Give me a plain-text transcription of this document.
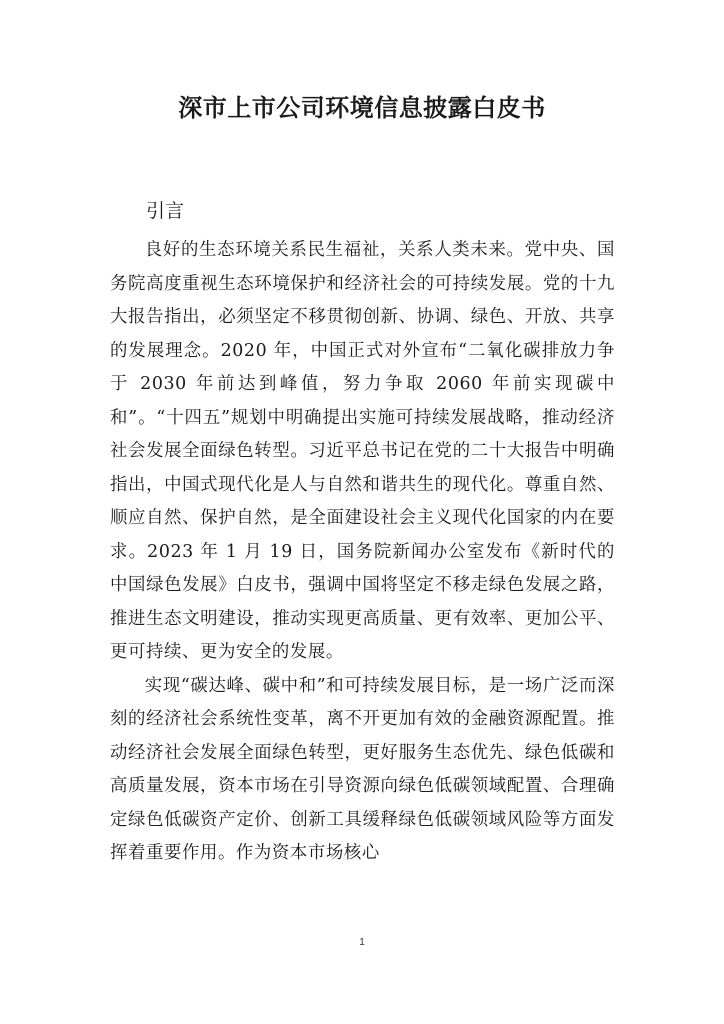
深市上市公司环境信息披露白皮书
引言

良好的生态环境关系民生福祉，关系人类未来。党中央、国务院高度重视生态环境保护和经济社会的可持续发展。党的十九大报告指出，必须坚定不移贯彻创新、协调、绿色、开放、共享的发展理念。2020 年，中国正式对外宣布“二氧化碳排放力争于 2030 年前达到峰值，努力争取 2060 年前实现碳中和”。“十四五”规划中明确提出实施可持续发展战略，推动经济社会发展全面绿色转型。习近平总书记在党的二十大报告中明确指出，中国式现代化是人与自然和谐共生的现代化。尊重自然、顺应自然、保护自然，是全面建设社会主义现代化国家的内在要求。2023 年 1 月 19 日，国务院新闻办公室发布《新时代的中国绿色发展》白皮书，强调中国将坚定不移走绿色发展之路，推进生态文明建设，推动实现更高质量、更有效率、更加公平、更可持续、更为安全的发展。

实现“碳达峰、碳中和”和可持续发展目标，是一场广泛而深刻的经济社会系统性变革，离不开更加有效的金融资源配置。推动经济社会发展全面绿色转型，更好服务生态优先、绿色低碳和高质量发展，资本市场在引导资源向绿色低碳领域配置、合理确定绿色低碳资产定价、创新工具缓释绿色低碳领域风险等方面发挥着重要作用。作为资本市场核心

1
